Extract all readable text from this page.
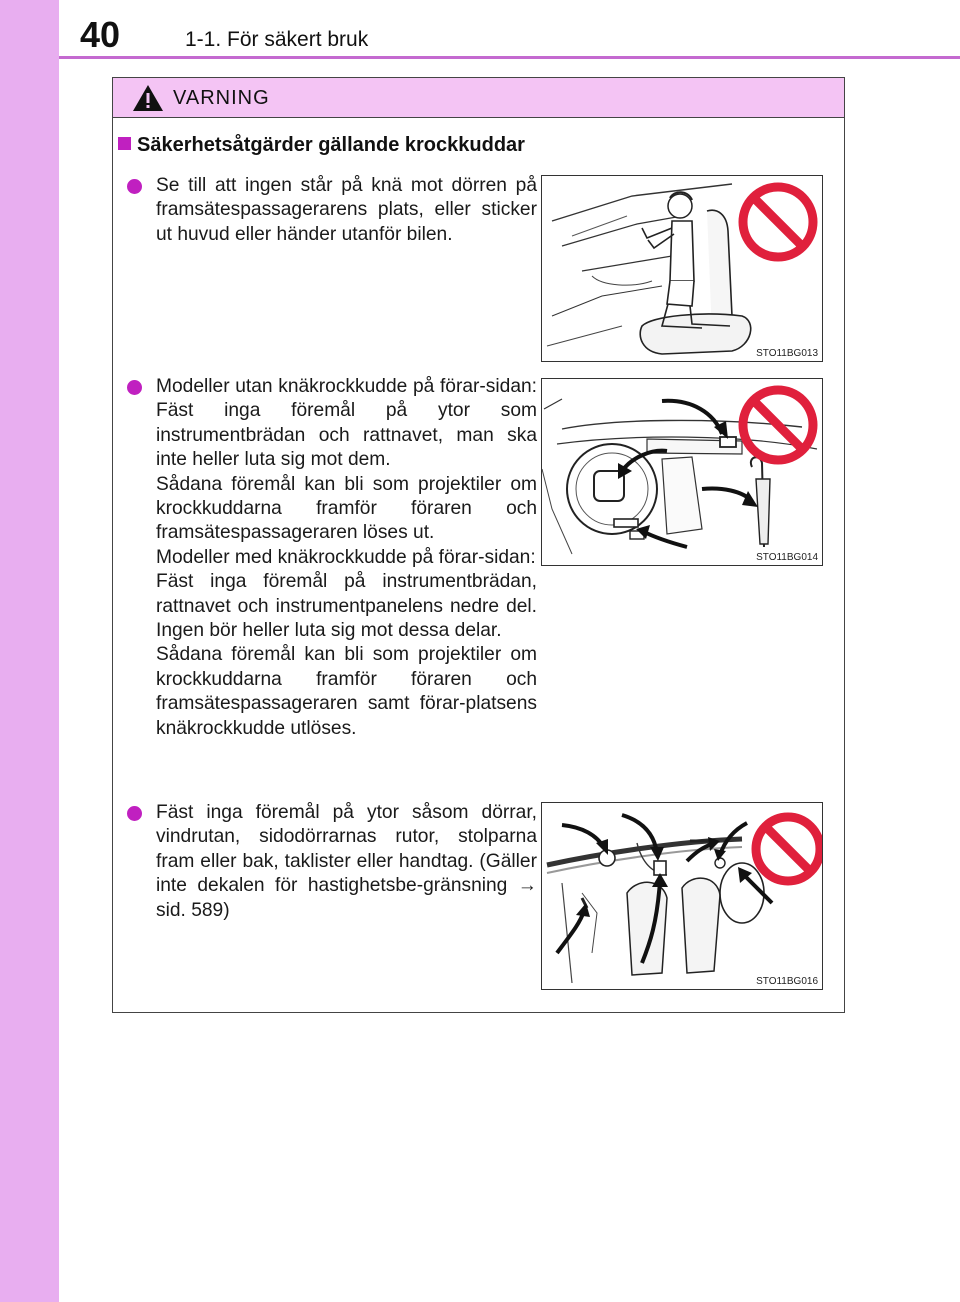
40	1-1. För säkert bruk
VARNING
Säkerhetsåtgärder gällande krockkuddar

Se till att ingen står på knä mot dörren på framsätespassagerarens plats, eller sticker ut huvud eller händer utanför bilen.

STO11BG013

Modeller utan knäkrockkudde på förar-sidan: Fäst inga föremål på ytor som instrumentbrädan och rattnavet, man ska inte heller luta sig mot dem.

Sådana föremål kan bli som projektiler om krockkuddarna framför föraren och framsätespassageraren löses ut.

Modeller med knäkrockkudde på förar-sidan:

Fäst inga föremål på instrumentbrädan, rattnavet och instrumentpanelens nedre del. Ingen bör heller luta sig mot dessa delar.

Sådana föremål kan bli som projektiler om krockkuddarna framför föraren och framsätespassageraren samt förar-platsens knäkrockkudde utlöses.

STO11BG014

Fäst inga föremål på ytor såsom dörrar, vindrutan, sidodörrarnas rutor, stolparna fram eller bak, taklister eller handtag. (Gäller inte dekalen för hastighetsbe-gränsning → sid. 589)

STO11BG016
